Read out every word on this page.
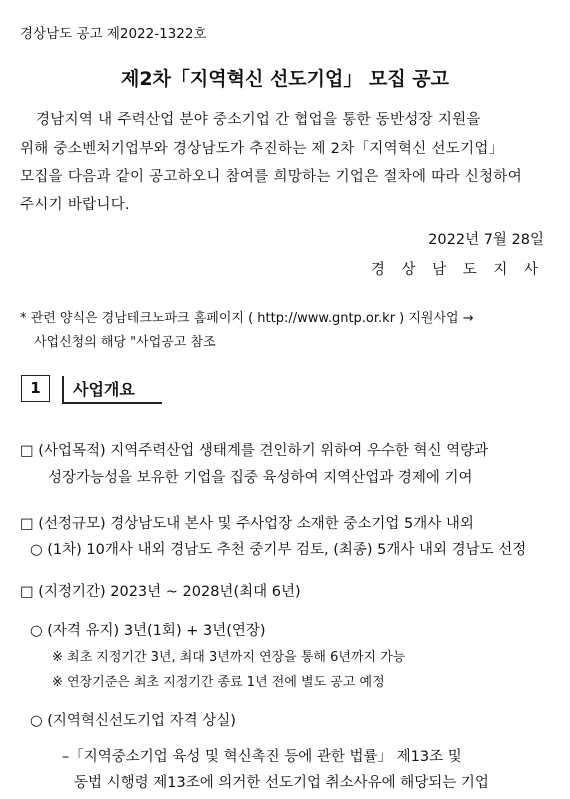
경상남도 공고 제2022-1322호
제2차「지역혁신 선도기업」 모집 공고
경남지역 내 주력산업 분야 중소기업 간 협업을 통한 동반성장 지원을
위해 중소벤처기업부와 경상남도가 추진하는 제 2차「지역혁신 선도기업」
모집을 다음과 같이 공고하오니 참여를 희망하는 기업은 절차에 따라 신청하여
주시기 바랍니다.
2022년 7월 28일
경 상 남 도 지 사
* 관련 양식은 경남테크노파크 홈페이지 ( http://www.gntp.or.kr ) 지원사업 →
사업신청의 해당 "사업공고 참조
1	사업개요
□ (사업목적) 지역주력산업 생태계를 견인하기 위하여 우수한 혁신 역량과
성장가능성을 보유한 기업을 집중 육성하여 지역산업과 경제에 기여
□ (선정규모) 경상남도내 본사 및 주사업장 소재한 중소기업 5개사 내외
○ (1차) 10개사 내외 경남도 추천 중기부 검토, (최종) 5개사 내외 경남도 선정
□ (지정기간) 2023년 ~ 2028년(최대 6년)
○ (자격 유지) 3년(1회) + 3년(연장)
※ 최초 지정기간 3년, 최대 3년까지 연장을 통해 6년까지 가능
※ 연장기준은 최초 지정기간 종료 1년 전에 별도 공고 예정
○ (지역혁신선도기업 자격 상실)
–「지역중소기업 육성 및 혁신촉진 등에 관한 법률」 제13조 및
동법 시행령 제13조에 의거한 선도기업 취소사유에 해당되는 기업
